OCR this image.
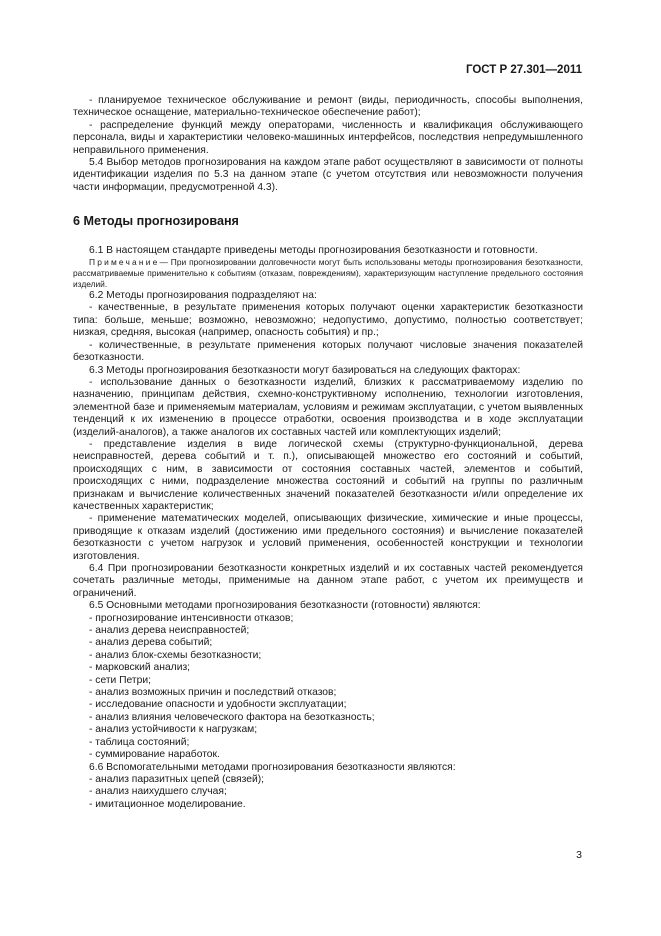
ГОСТ Р 27.301—2011

- планируемое техническое обслуживание и ремонт (виды, периодичность, способы выполнения, техническое оснащение, материально-техническое обеспечение работ);

- распределение функций между операторами, численность и квалификация обслуживающего персонала, виды и характеристики человеко-машинных интерфейсов, последствия непредумышленного неправильного применения.

5.4 Выбор методов прогнозирования на каждом этапе работ осуществляют в зависимости от полноты идентификации изделия по 5.3 на данном этапе (с учетом отсутствия или невозможности получения части информации, предусмотренной 4.3).

6 Методы прогнозированя

6.1 В настоящем стандарте приведены методы прогнозирования безотказности и готовности.

Примечание— При прогнозировании долговечности могут быть использованы методы прогнозирования безотказности, рассматриваемые применительно к событиям (отказам, повреждениям), характеризующим наступление предельного состояния изделий.

6.2 Методы прогнозирования подразделяют на:

- качественные, в результате применения которых получают оценки характеристик безотказности типа: больше, меньше; возможно, невозможно; недопустимо, допустимо, полностью соответствует; низкая, средняя, высокая (например, опасность события) и пр.;

- количественные, в результате применения которых получают числовые значения показателей безотказности.

6.3 Методы прогнозирования безотказности могут базироваться на следующих факторах:

- использование данных о безотказности изделий, близких к рассматриваемому изделию по назначению, принципам действия, схемно-конструктивному исполнению, технологии изготовления, элементной базе и применяемым материалам, условиям и режимам эксплуатации, с учетом выявленных тенденций к их изменению в процессе отработки, освоения производства и в ходе эксплуатации (изделий-аналогов), а также аналогов их составных частей или комплектующих изделий;

- представление изделия в виде логической схемы (структурно-функциональной, дерева неисправностей, дерева событий и т. п.), описывающей множество его состояний и событий, происходящих с ним, в зависимости от состояния составных частей, элементов и событий, происходящих с ними, подразделение множества состояний и событий на группы по различным признакам и вычисление количественных значений показателей безотказности и/или определение их качественных характеристик;

- применение математических моделей, описывающих физические, химические и иные процессы, приводящие к отказам изделий (достижению ими предельного состояния) и вычисление показателей безотказности с учетом нагрузок и условий применения, особенностей конструкции и технологии изготовления.

6.4 При прогнозировании безотказности конкретных изделий и их составных частей рекомендуется сочетать различные методы, применимые на данном этапе работ, с учетом их преимуществ и ограничений.

6.5 Основными методами прогнозирования безотказности (готовности) являются:

- прогнозирование интенсивности отказов;

- анализ дерева неисправностей;

- анализ дерева событий;

- анализ блок-схемы безотказности;

- марковский анализ;

- сети Петри;

- анализ возможных причин и последствий отказов;

- исследование опасности и удобности эксплуатации;

- анализ влияния человеческого фактора на безотказность;

- анализ устойчивости к нагрузкам;

- таблица состояний;

- суммирование наработок.

6.6 Вспомогательными методами прогнозирования безотказности являются:

- анализ паразитных цепей (связей);

- анализ наихудшего случая;

- имитационное моделирование.

3
